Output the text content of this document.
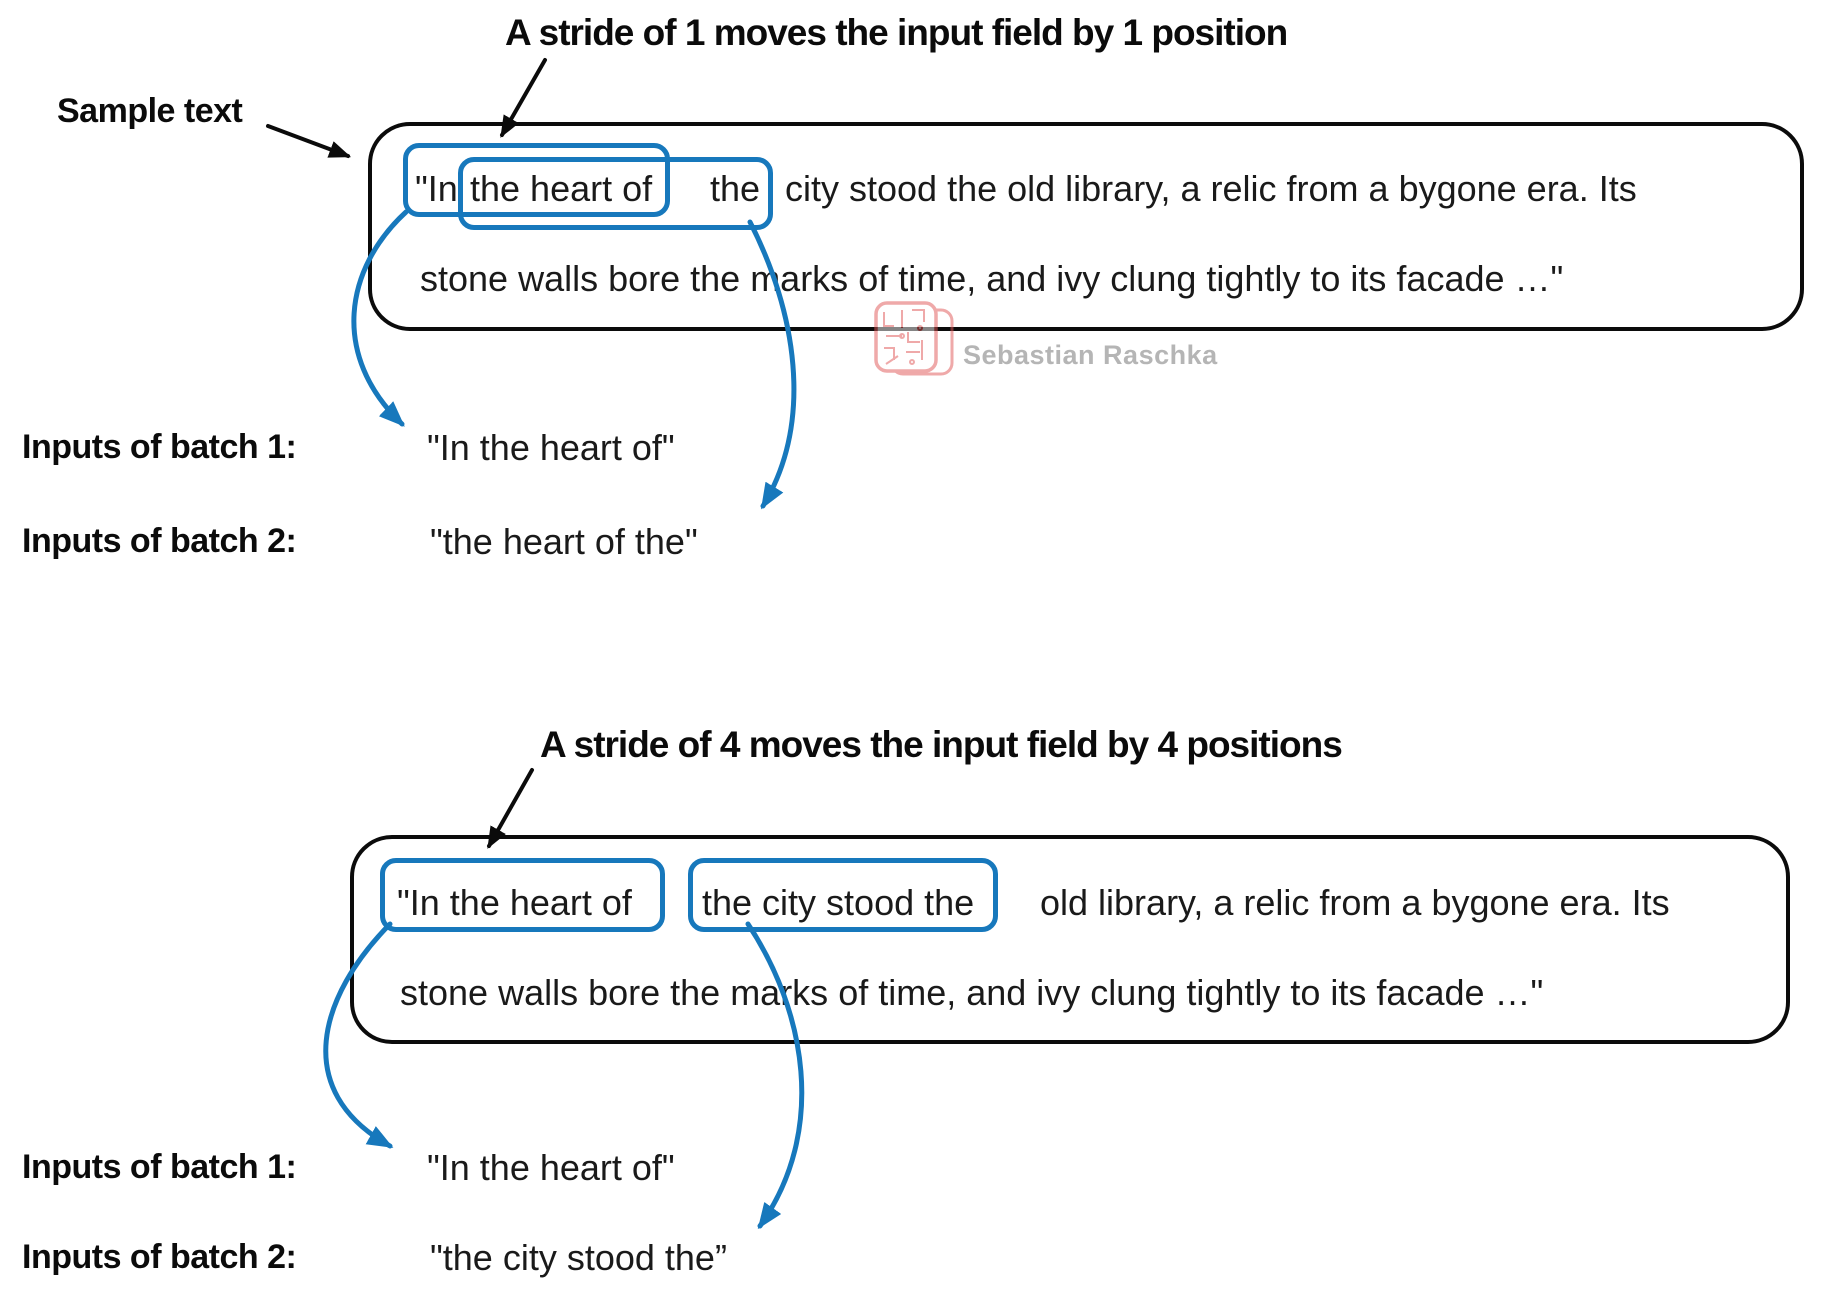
A stride of 1 moves the input field by 1 position
Sample text
"In the heart of the city stood the old library, a relic from a bygone era. Its
stone walls bore the marks of time, and ivy clung tightly to its facade …"
Inputs of batch 1:	"In the heart of"
Inputs of batch 2:	"the heart of the"
Sebastian Raschka
A stride of 4 moves the input field by 4 positions
"In the heart of the city stood the old library, a relic from a bygone era. Its
stone walls bore the marks of time, and ivy clung tightly to its facade …"
Inputs of batch 1:	"In the heart of"
Inputs of batch 2:	"the city stood the”
